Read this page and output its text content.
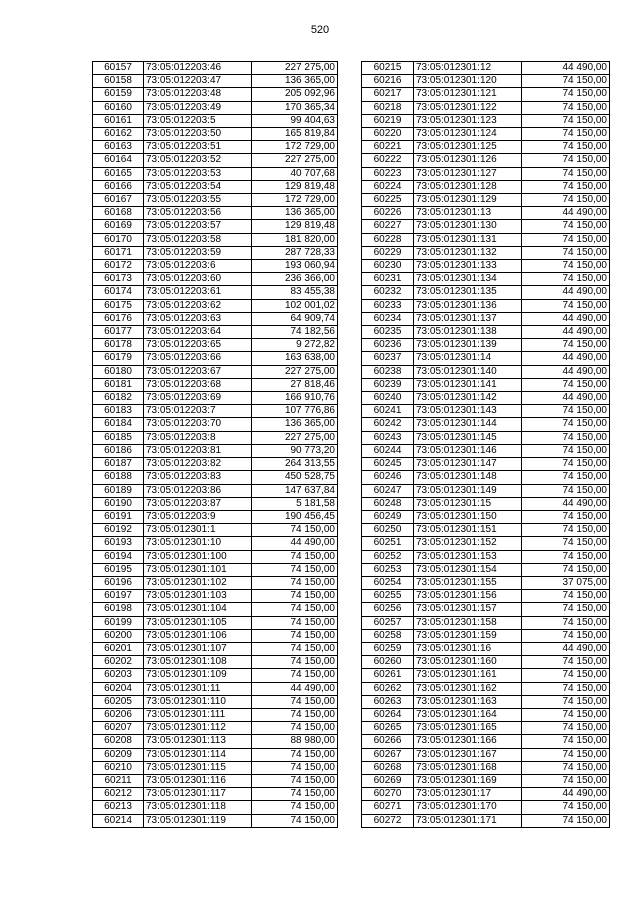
520
60157	73:05:012203:46	227 275,00
60158	73:05:012203:47	136 365,00
60159	73:05:012203:48	205 092,96
60160	73:05:012203:49	170 365,34
60161	73:05:012203:5	99 404,63
60162	73:05:012203:50	165 819,84
60163	73:05:012203:51	172 729,00
60164	73:05:012203:52	227 275,00
60165	73:05:012203:53	40 707,68
60166	73:05:012203:54	129 819,48
60167	73:05:012203:55	172 729,00
60168	73:05:012203:56	136 365,00
60169	73:05:012203:57	129 819,48
60170	73:05:012203:58	181 820,00
60171	73:05:012203:59	287 728,33
60172	73:05:012203:6	193 060,94
60173	73:05:012203:60	236 366,00
60174	73:05:012203:61	83 455,38
60175	73:05:012203:62	102 001,02
60176	73:05:012203:63	64 909,74
60177	73:05:012203:64	74 182,56
60178	73:05:012203:65	9 272,82
60179	73:05:012203:66	163 638,00
60180	73:05:012203:67	227 275,00
60181	73:05:012203:68	27 818,46
60182	73:05:012203:69	166 910,76
60183	73:05:012203:7	107 776,86
60184	73:05:012203:70	136 365,00
60185	73:05:012203:8	227 275,00
60186	73:05:012203:81	90 773,20
60187	73:05:012203:82	264 313,55
60188	73:05:012203:83	450 528,75
60189	73:05:012203:86	147 637,84
60190	73:05:012203:87	5 181,58
60191	73:05:012203:9	190 456,45
60192	73:05:012301:1	74 150,00
60193	73:05:012301:10	44 490,00
60194	73:05:012301:100	74 150,00
60195	73:05:012301:101	74 150,00
60196	73:05:012301:102	74 150,00
60197	73:05:012301:103	74 150,00
60198	73:05:012301:104	74 150,00
60199	73:05:012301:105	74 150,00
60200	73:05:012301:106	74 150,00
60201	73:05:012301:107	74 150,00
60202	73:05:012301:108	74 150,00
60203	73:05:012301:109	74 150,00
60204	73:05:012301:11	44 490,00
60205	73:05:012301:110	74 150,00
60206	73:05:012301:111	74 150,00
60207	73:05:012301:112	74 150,00
60208	73:05:012301:113	88 980,00
60209	73:05:012301:114	74 150,00
60210	73:05:012301:115	74 150,00
60211	73:05:012301:116	74 150,00
60212	73:05:012301:117	74 150,00
60213	73:05:012301:118	74 150,00
60214	73:05:012301:119	74 150,00
60215	73:05:012301:12	44 490,00
60216	73:05:012301:120	74 150,00
60217	73:05:012301:121	74 150,00
60218	73:05:012301:122	74 150,00
60219	73:05:012301:123	74 150,00
60220	73:05:012301:124	74 150,00
60221	73:05:012301:125	74 150,00
60222	73:05:012301:126	74 150,00
60223	73:05:012301:127	74 150,00
60224	73:05:012301:128	74 150,00
60225	73:05:012301:129	74 150,00
60226	73:05:012301:13	44 490,00
60227	73:05:012301:130	74 150,00
60228	73:05:012301:131	74 150,00
60229	73:05:012301:132	74 150,00
60230	73:05:012301:133	74 150,00
60231	73:05:012301:134	74 150,00
60232	73:05:012301:135	44 490,00
60233	73:05:012301:136	74 150,00
60234	73:05:012301:137	44 490,00
60235	73:05:012301:138	44 490,00
60236	73:05:012301:139	74 150,00
60237	73:05:012301:14	44 490,00
60238	73:05:012301:140	44 490,00
60239	73:05:012301:141	74 150,00
60240	73:05:012301:142	44 490,00
60241	73:05:012301:143	74 150,00
60242	73:05:012301:144	74 150,00
60243	73:05:012301:145	74 150,00
60244	73:05:012301:146	74 150,00
60245	73:05:012301:147	74 150,00
60246	73:05:012301:148	74 150,00
60247	73:05:012301:149	74 150,00
60248	73:05:012301:15	44 490,00
60249	73:05:012301:150	74 150,00
60250	73:05:012301:151	74 150,00
60251	73:05:012301:152	74 150,00
60252	73:05:012301:153	74 150,00
60253	73:05:012301:154	74 150,00
60254	73:05:012301:155	37 075,00
60255	73:05:012301:156	74 150,00
60256	73:05:012301:157	74 150,00
60257	73:05:012301:158	74 150,00
60258	73:05:012301:159	74 150,00
60259	73:05:012301:16	44 490,00
60260	73:05:012301:160	74 150,00
60261	73:05:012301:161	74 150,00
60262	73:05:012301:162	74 150,00
60263	73:05:012301:163	74 150,00
60264	73:05:012301:164	74 150,00
60265	73:05:012301:165	74 150,00
60266	73:05:012301:166	74 150,00
60267	73:05:012301:167	74 150,00
60268	73:05:012301:168	74 150,00
60269	73:05:012301:169	74 150,00
60270	73:05:012301:17	44 490,00
60271	73:05:012301:170	74 150,00
60272	73:05:012301:171	74 150,00
